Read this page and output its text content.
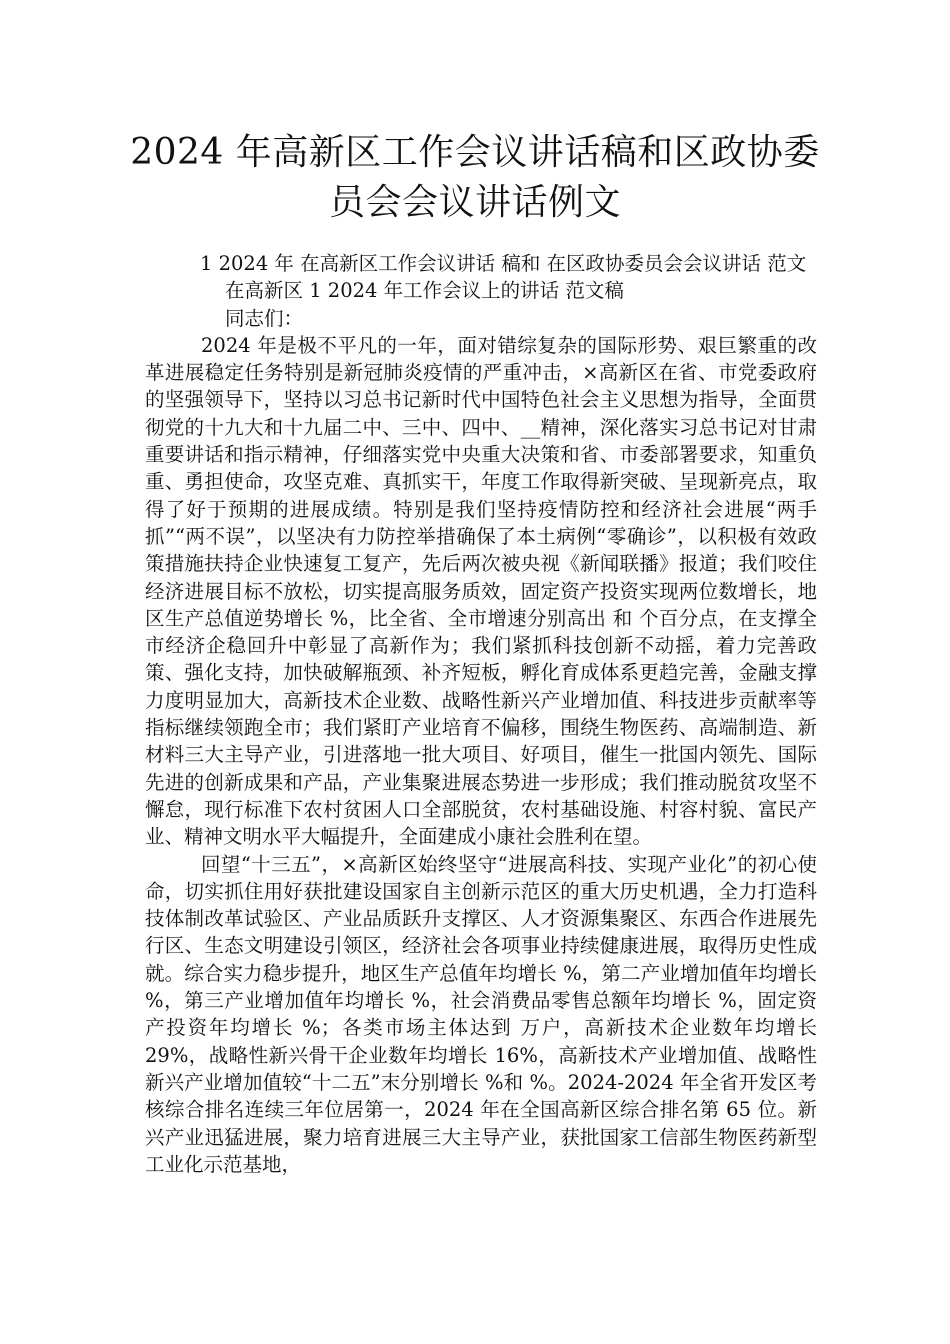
2024 年高新区工作会议讲话稿和区政协委
员会会议讲话例文

1 2024 年 在高新区工作会议讲话 稿和 在区政协委员会会议讲话 范文

在高新区 1 2024 年工作会议上的讲话 范文稿

同志们：

2024 年是极不平凡的一年，面对错综复杂的国际形势、艰巨繁重的改革进展稳定任务特别是新冠肺炎疫情的严重冲击，×高新区在省、市党委政府的坚强领导下，坚持以习总书记新时代中国特色社会主义思想为指导，全面贯彻党的十九大和十九届二中、三中、四中、__精神，深化落实习总书记对甘肃重要讲话和指示精神，仔细落实党中央重大决策和省、市委部署要求，知重负重、勇担使命，攻坚克难、真抓实干，年度工作取得新突破、呈现新亮点，取得了好于预期的进展成绩。特别是我们坚持疫情防控和经济社会进展“两手抓”“两不误”，以坚决有力防控举措确保了本土病例“零确诊”，以积极有效政策措施扶持企业快速复工复产，先后两次被央视《新闻联播》报道；我们咬住经济进展目标不放松，切实提高服务质效，固定资产投资实现两位数增长，地区生产总值逆势增长 %，比全省、全市增速分别高出 和 个百分点，在支撑全市经济企稳回升中彰显了高新作为；我们紧抓科技创新不动摇，着力完善政策、强化支持，加快破解瓶颈、补齐短板，孵化育成体系更趋完善，金融支撑力度明显加大，高新技术企业数、战略性新兴产业增加值、科技进步贡献率等指标继续领跑全市；我们紧盯产业培育不偏移，围绕生物医药、高端制造、新材料三大主导产业，引进落地一批大项目、好项目，催生一批国内领先、国际先进的创新成果和产品，产业集聚进展态势进一步形成；我们推动脱贫攻坚不懈怠，现行标准下农村贫困人口全部脱贫，农村基础设施、村容村貌、富民产业、精神文明水平大幅提升，全面建成小康社会胜利在望。

回望“十三五”，×高新区始终坚守“进展高科技、实现产业化”的初心使命，切实抓住用好获批建设国家自主创新示范区的重大历史机遇，全力打造科技体制改革试验区、产业品质跃升支撑区、人才资源集聚区、东西合作进展先行区、生态文明建设引领区，经济社会各项事业持续健康进展，取得历史性成就。综合实力稳步提升，地区生产总值年均增长 %，第二产业增加值年均增长 %，第三产业增加值年均增长 %，社会消费品零售总额年均增长 %，固定资产投资年均增长 %；各类市场主体达到 万户，高新技术企业数年均增长 29%，战略性新兴骨干企业数年均增长 16%，高新技术产业增加值、战略性新兴产业增加值较“十二五”末分别增长 %和 %。2024-2024 年全省开发区考核综合排名连续三年位居第一，2024 年在全国高新区综合排名第 65 位。新兴产业迅猛进展，聚力培育进展三大主导产业，获批国家工信部生物医药新型工业化示范基地，
